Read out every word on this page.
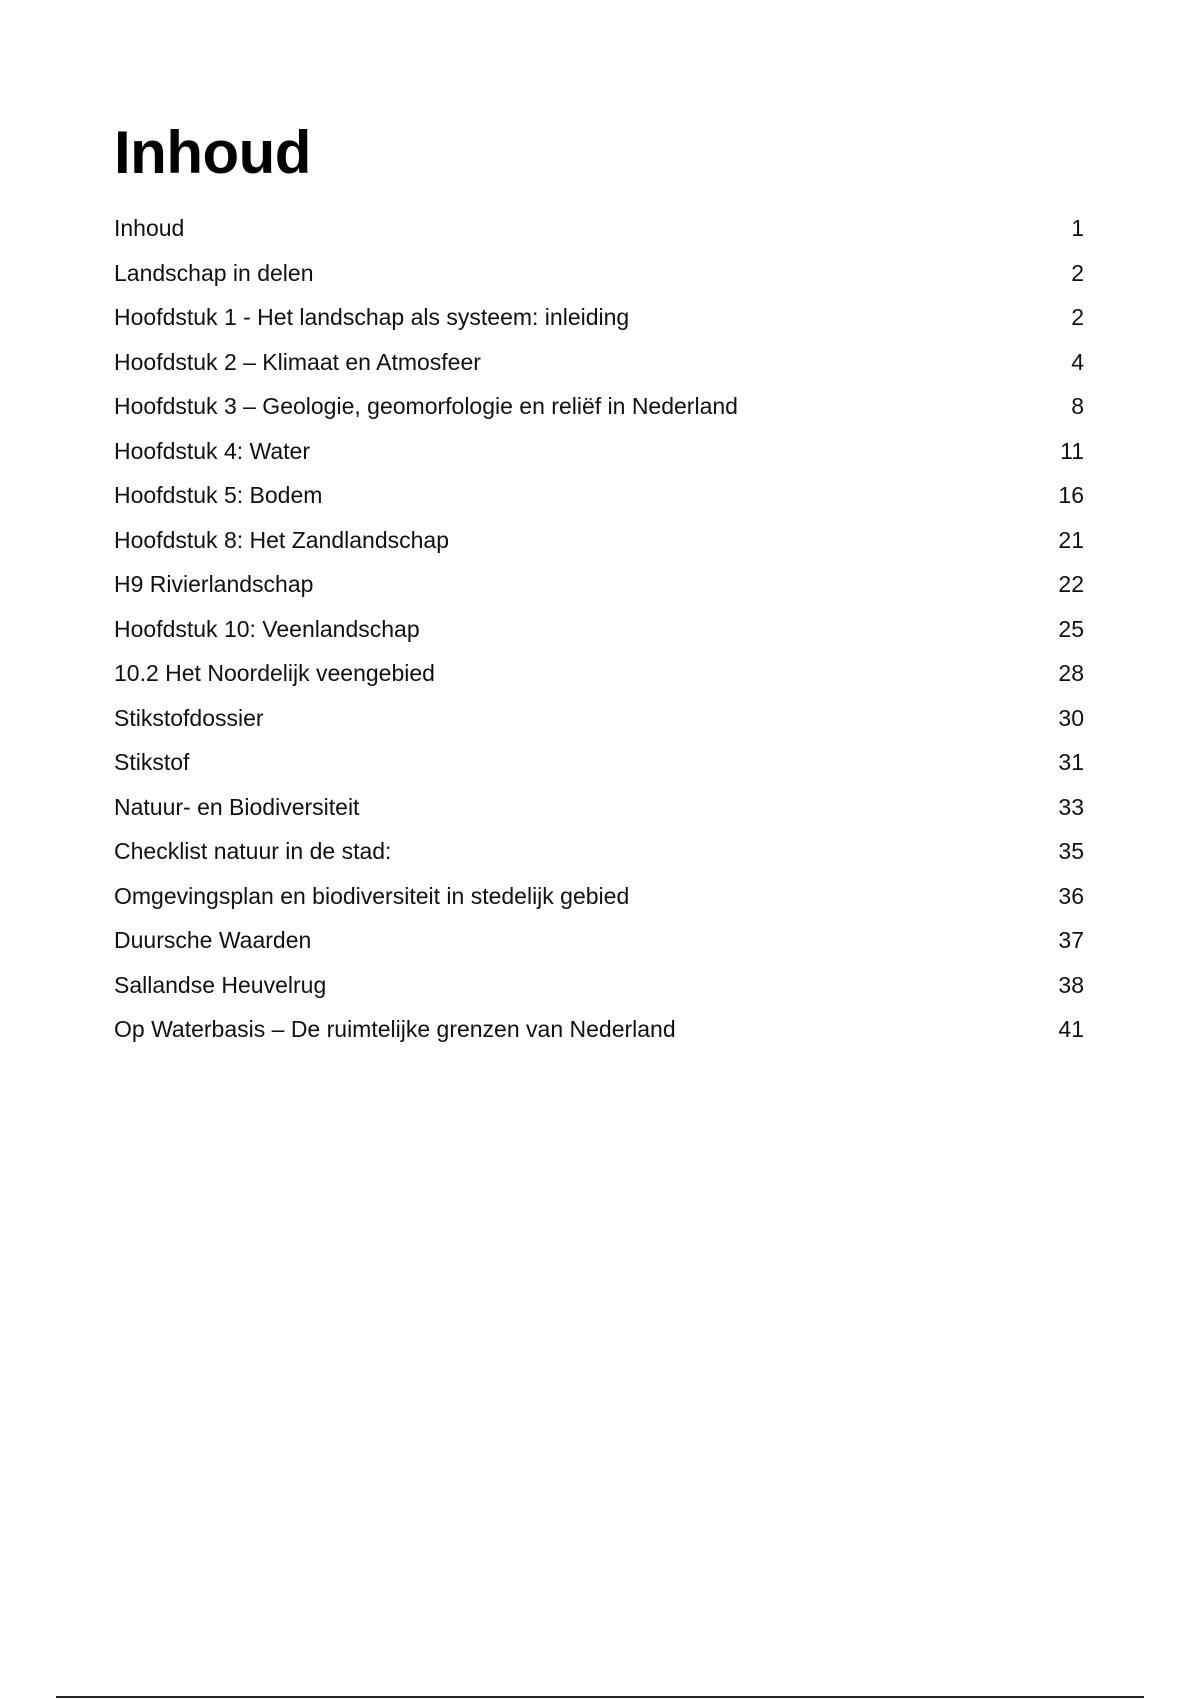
Inhoud
Inhoud	1
Landschap in delen	2
Hoofdstuk 1 - Het landschap als systeem: inleiding	2
Hoofdstuk 2 – Klimaat en Atmosfeer	4
Hoofdstuk 3 – Geologie, geomorfologie en reliëf in Nederland	8
Hoofdstuk 4: Water	11
Hoofdstuk 5: Bodem	16
Hoofdstuk 8: Het Zandlandschap	21
H9 Rivierlandschap	22
Hoofdstuk 10: Veenlandschap	25
10.2 Het Noordelijk veengebied	28
Stikstofdossier	30
Stikstof	31
Natuur- en Biodiversiteit	33
Checklist natuur in de stad:	35
Omgevingsplan en biodiversiteit in stedelijk gebied	36
Duursche Waarden	37
Sallandse Heuvelrug	38
Op Waterbasis – De ruimtelijke grenzen van Nederland	41
